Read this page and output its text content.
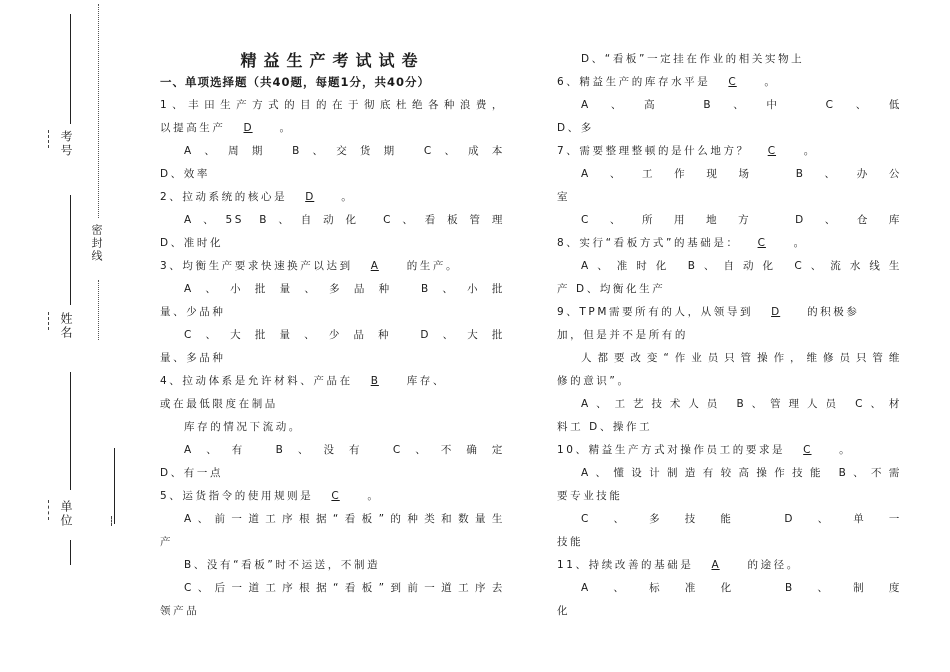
考号
姓名
单位
密封线
精益生产考试试卷
一、单项选择题（共40题，每题1分，共40分）
1、丰田生产方式的目的在于彻底杜绝各种浪费，
以提高生产 D	。
A、周期 B、交货期 C、成本
D、效率
2、拉动系统的核心是 D	。
A、5S B、自动化 C、看板管理
D、准时化
3、均衡生产要求快速换产以达到 A	的生产。
A、小批量、多品种 B、小批
量、少品种
C、大批量、少品种 D、大批
量、多品种
4、拉动体系是允许材料、产品在 B	库存、
或在最低限度在制品
库存的情况下流动。
A、有 B、没有 C、不确定
D、有一点
5、运货指令的使用规则是 C	。
A、前一道工序根据“看板”的种类和数量生
产
B、没有“看板”时不运送，不制造
C、后一道工序根据“看板”到前一道工序去
领产品
D、“看板”一定挂在作业的相关实物上
6、精益生产的库存水平是 C	。
A、高 B、中 C、低
D、多
7、需要整理整顿的是什么地方？ C	。
A、工作现场 B、办公
室
C、所用地方 D、仓库
8、实行“看板方式”的基础是： C	。
A、准时化 B、自动化 C、流水线生
产 D、均衡化生产
9、TPM需要所有的人，从领导到 D	的积极参
加，但是并不是所有的
人都要改变“作业员只管操作，维修员只管维
修的意识”。
A、工艺技术人员 B、管理人员 C、材
料工 D、操作工
10、精益生产方式对操作员工的要求是 C	。
A、懂设计制造有较高操作技能 B、不需
要专业技能
C、多技能 D、单一
技能
11、持续改善的基础是 A	的途径。
A、标准化 B、制度
化
